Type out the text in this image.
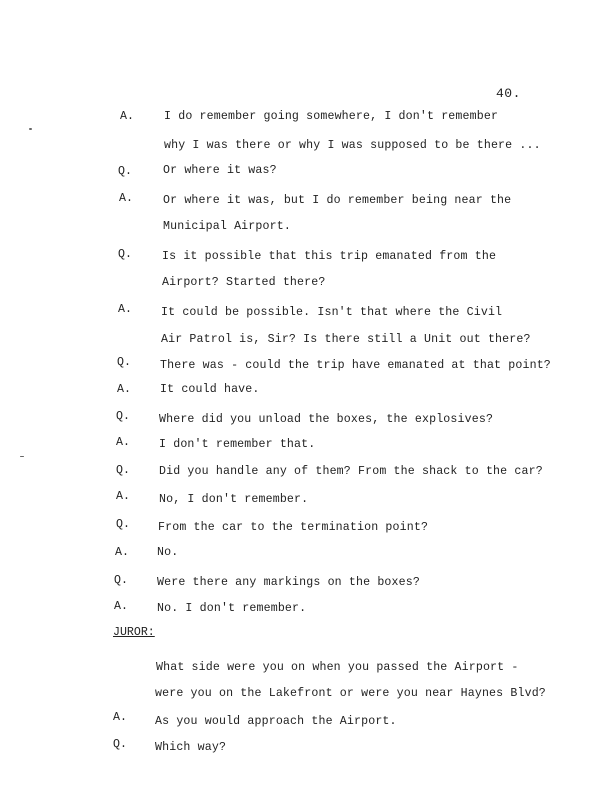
40.
A.	I do remember going somewhere, I don't remember
why I was there or why I was supposed to be there ...
Q.	Or where it was?
A.	Or where it was, but I do remember being near the
Municipal Airport.
Q.	Is it possible that this trip emanated from the
Airport? Started there?
A.	It could be possible. Isn't that where the Civil
Air Patrol is, Sir? Is there still a Unit out there?
Q.	There was - could the trip have emanated at that point?
A.	It could have.
Q.	Where did you unload the boxes, the explosives?
A.	I don't remember that.
Q.	Did you handle any of them? From the shack to the car?
A.	No, I don't remember.
Q. From the car to the termination point?
A. No.
Q.	Were there any markings on the boxes?
A.	No. I don't remember.
JUROR:
What side were you on when you passed the Airport -
were you on the Lakefront or were you near Haynes Blvd?
A. As you would approach the Airport.
Q. Which way?
